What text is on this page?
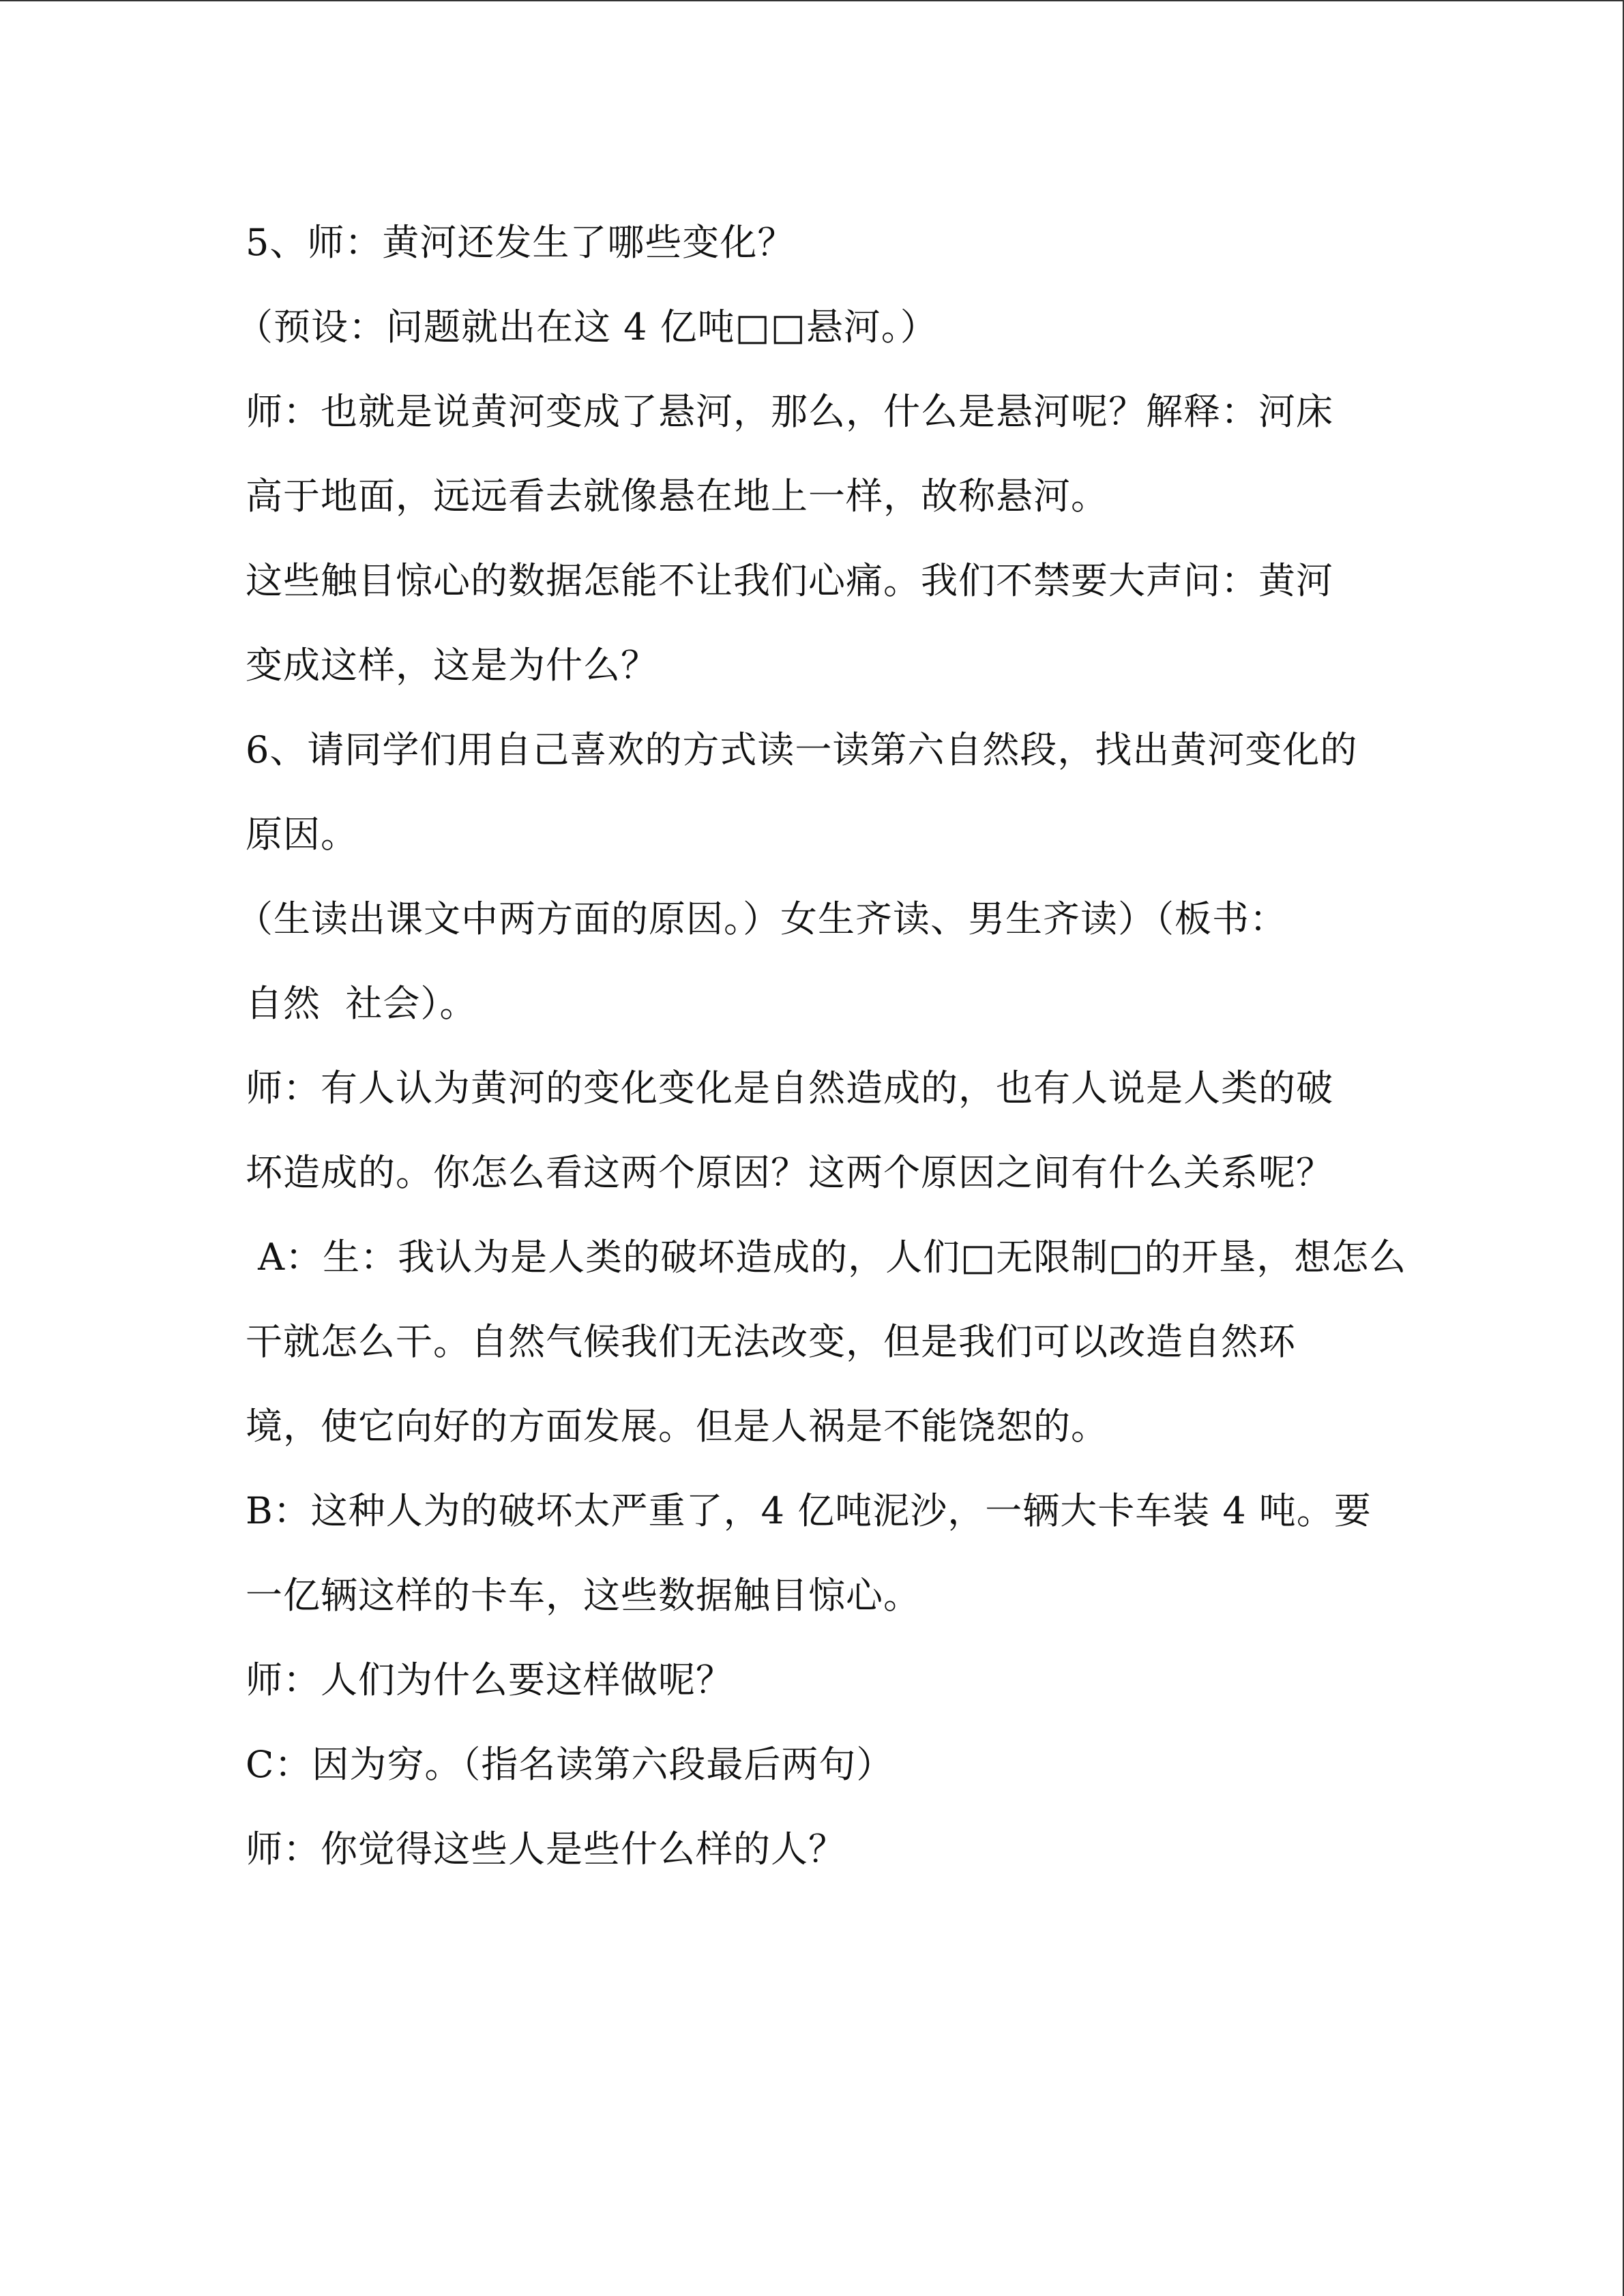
5、师：黄河还发生了哪些变化？
（预设：问题就出在这 4 亿吨□□悬河。）
师：也就是说黄河变成了悬河，那么，什么是悬河呢？解释：河床
高于地面，远远看去就像悬在地上一样，故称悬河。
这些触目惊心的数据怎能不让我们心痛。我们不禁要大声问：黄河
变成这样，这是为什么？
6、请同学们用自己喜欢的方式读一读第六自然段，找出黄河变化的
原因。
（生读出课文中两方面的原因。）女生齐读、男生齐读）（板书：
自然  社会）。
师：有人认为黄河的变化变化是自然造成的，也有人说是人类的破
坏造成的。你怎么看这两个原因？这两个原因之间有什么关系呢？
A：生：我认为是人类的破坏造成的，人们□无限制□的开垦，想怎么
干就怎么干。自然气候我们无法改变，但是我们可以改造自然环
境，使它向好的方面发展。但是人祸是不能饶恕的。
B：这种人为的破坏太严重了，4 亿吨泥沙，一辆大卡车装 4 吨。要
一亿辆这样的卡车，这些数据触目惊心。
师：人们为什么要这样做呢？
C：因为穷。（指名读第六段最后两句）
师：你觉得这些人是些什么样的人？
